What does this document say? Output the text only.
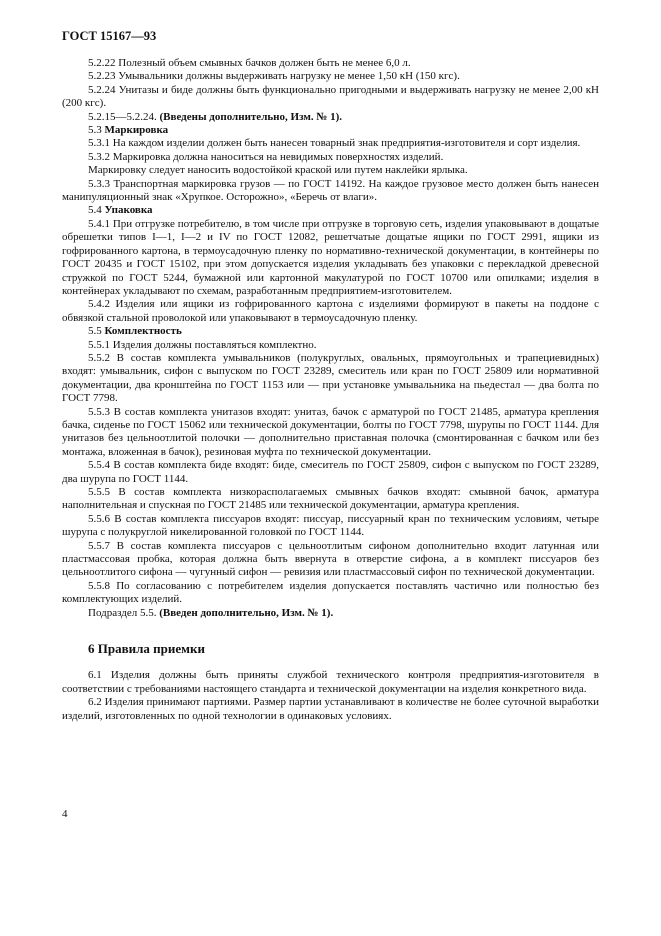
ГОСТ 15167—93

5.2.22 Полезный объем смывных бачков должен быть не менее 6,0 л.

5.2.23 Умывальники должны выдерживать нагрузку не менее 1,50 кН (150 кгс).

5.2.24 Унитазы и биде должны быть функционально пригодными и выдерживать нагрузку не менее 2,00 кН (200 кгс).

5.2.15—5.2.24. (Введены дополнительно, Изм. № 1).

5.3 Маркировка

5.3.1 На каждом изделии должен быть нанесен товарный знак предприятия-изготовителя и сорт изделия.

5.3.2 Маркировка должна наноситься на невидимых поверхностях изделий.

Маркировку следует наносить водостойкой краской или путем наклейки ярлыка.

5.3.3 Транспортная маркировка грузов — по ГОСТ 14192. На каждое грузовое место должен быть нанесен манипуляционный знак «Хрупкое. Осторожно», «Беречь от влаги».

5.4 Упаковка

5.4.1 При отгрузке потребителю, в том числе при отгрузке в торговую сеть, изделия упаковывают в дощатые обрешетки типов I—1, I—2 и IV по ГОСТ 12082, решетчатые дощатые ящики по ГОСТ 2991, ящики из гофрированного картона, в термоусадочную пленку по нормативно-технической документации, в контейнеры по ГОСТ 20435 и ГОСТ 15102, при этом допускается изделия укладывать без упаковки с перекладкой древесной стружкой по ГОСТ 5244, бумажной или картонной макулатурой по ГОСТ 10700 или опилками; изделия в контейнерах укладывают по схемам, разработанным предприятием-изготовителем.

5.4.2 Изделия или ящики из гофрированного картона с изделиями формируют в пакеты на поддоне с обвязкой стальной проволокой или упаковывают в термоусадочную пленку.

5.5 Комплектность

5.5.1 Изделия должны поставляться комплектно.

5.5.2 В состав комплекта умывальников (полукруглых, овальных, прямоугольных и трапециевидных) входят: умывальник, сифон с выпуском по ГОСТ 23289, смеситель или кран по ГОСТ 25809 или нормативной документации, два кронштейна по ГОСТ 1153 или — при установке умывальника на пьедестал — два болта по ГОСТ 7798.

5.5.3 В состав комплекта унитазов входят: унитаз, бачок с арматурой по ГОСТ 21485, арматура крепления бачка, сиденье по ГОСТ 15062 или технической документации, болты по ГОСТ 7798, шурупы по ГОСТ 1144. Для унитазов без цельноотлитой полочки — дополнительно приставная полочка (смонтированная с бачком или без монтажа, вложенная в бачок), резиновая муфта по технической документации.

5.5.4 В состав комплекта биде входят: биде, смеситель по ГОСТ 25809, сифон с выпуском по ГОСТ 23289, два шурупа по ГОСТ 1144.

5.5.5 В состав комплекта низкорасполагаемых смывных бачков входят: смывной бачок, арматура наполнительная и спускная по ГОСТ 21485 или технической документации, арматура крепления.

5.5.6 В состав комплекта писсуаров входят: писсуар, писсуарный кран по техническим условиям, четыре шурупа с полукруглой никелированной головкой по ГОСТ 1144.

5.5.7 В состав комплекта писсуаров с цельноотлитым сифоном дополнительно входит латунная или пластмассовая пробка, которая должна быть ввернута в отверстие сифона, а в комплект писсуаров без цельноотлитого сифона — чугунный сифон — ревизия или пластмассовый сифон по технической документации.

5.5.8 По согласованию с потребителем изделия допускается поставлять частично или полностью без комплектующих изделий.

Подраздел 5.5. (Введен дополнительно, Изм. № 1).

6 Правила приемки

6.1 Изделия должны быть приняты службой технического контроля предприятия-изготовителя в соответствии с требованиями настоящего стандарта и технической документации на изделия конкретного вида.

6.2 Изделия принимают партиями. Размер партии устанавливают в количестве не более суточной выработки изделий, изготовленных по одной технологии в одинаковых условиях.

4
